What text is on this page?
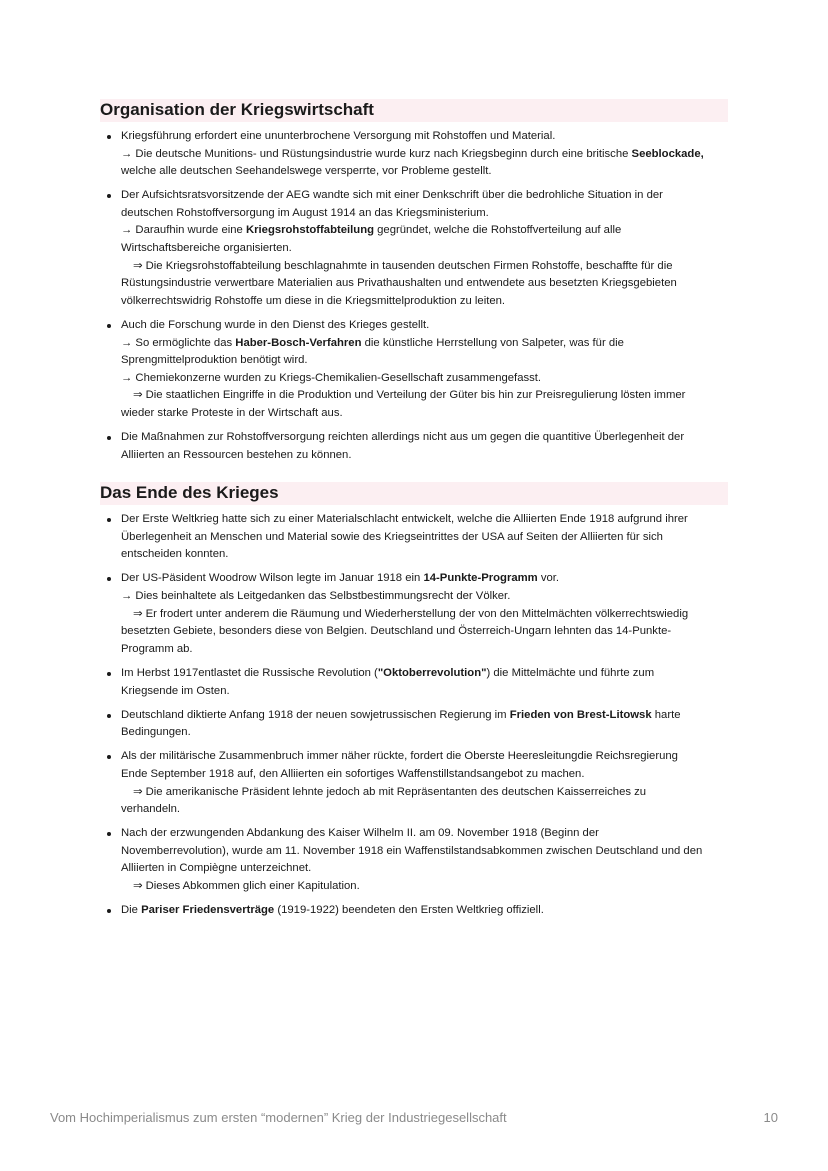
Organisation der Kriegswirtschaft
Kriegsführung erfordert eine ununterbrochene Versorgung mit Rohstoffen und Material.
→ Die deutsche Munitions- und Rüstungsindustrie wurde kurz nach Kriegsbeginn durch eine britische Seeblockade,
welche alle deutschen Seehandelswege versperrte, vor Probleme gestellt.
Der Aufsichtsratsvorsitzende der AEG wandte sich mit einer Denkschrift über die bedrohliche Situation in der
deutschen Rohstoffversorgung im August 1914 an das Kriegsministerium.
→ Daraufhin wurde eine Kriegsrohstoffabteilung gegründet, welche die Rohstoffverteilung auf alle
Wirtschaftsbereiche organisierten.
⇒ Die Kriegsrohstoffabteilung beschlagnahmte in tausenden deutschen Firmen Rohstoffe, beschaffte für die
Rüstungsindustrie verwertbare Materialien aus Privathaushalten und entwendete aus besetzten Kriegsgebieten
völkerrechtswidrig Rohstoffe um diese in die Kriegsmittelproduktion zu leiten.
Auch die Forschung wurde in den Dienst des Krieges gestellt.
→ So ermöglichte das Haber-Bosch-Verfahren die künstliche Herrstellung von Salpeter, was für die
Sprengmittelproduktion benötigt wird.
→ Chemiekonzerne wurden zu Kriegs-Chemikalien-Gesellschaft zusammengefasst.
⇒ Die staatlichen Eingriffe in die Produktion und Verteilung der Güter bis hin zur Preisregulierung lösten immer
wieder starke Proteste in der Wirtschaft aus.
Die Maßnahmen zur Rohstoffversorgung reichten allerdings nicht aus um gegen die quantitive Überlegenheit der
Alliierten an Ressourcen bestehen zu können.
Das Ende des Krieges
Der Erste Weltkrieg hatte sich zu einer Materialschlacht entwickelt, welche die Alliierten Ende 1918 aufgrund ihrer
Überlegenheit an Menschen und Material sowie des Kriegseintrittes der USA auf Seiten der Alliierten für sich
entscheiden konnten.
Der US-Päsident Woodrow Wilson legte im Januar 1918 ein 14-Punkte-Programm vor.
→ Dies beinhaltete als Leitgedanken das Selbstbestimmungsrecht der Völker.
⇒ Er frodert unter anderem die Räumung und Wiederherstellung der von den Mittelmächten völkerrechtswiedig
besetzten Gebiete, besonders diese von Belgien. Deutschland und Österreich-Ungarn lehnten das 14-Punkte-
Programm ab.
Im Herbst 1917entlastet die Russische Revolution ("Oktoberrevolution") die Mittelmächte und führte zum
Kriegsende im Osten.
Deutschland diktierte Anfang 1918 der neuen sowjetrussischen Regierung im Frieden von Brest-Litowsk harte
Bedingungen.
Als der militärische Zusammenbruch immer näher rückte, fordert die Oberste Heeresleitungdie Reichsregierung
Ende September 1918 auf, den Alliierten ein sofortiges Waffenstillstandsangebot zu machen.
⇒ Die amerikanische Präsident lehnte jedoch ab mit Repräsentanten des deutschen Kaisserreiches zu
verhandeln.
Nach der erzwungenden Abdankung des Kaiser Wilhelm II. am 09. November 1918 (Beginn der
Novemberrevolution), wurde am 11. November 1918 ein Waffenstilstandsabkommen zwischen Deutschland und den
Alliierten in Compiègne unterzeichnet.
⇒ Dieses Abkommen glich einer Kapitulation.
Die Pariser Friedensverträge (1919-1922) beendeten den Ersten Weltkrieg offiziell.
Vom Hochimperialismus zum ersten “modernen” Krieg der Industriegesellschaft	10
